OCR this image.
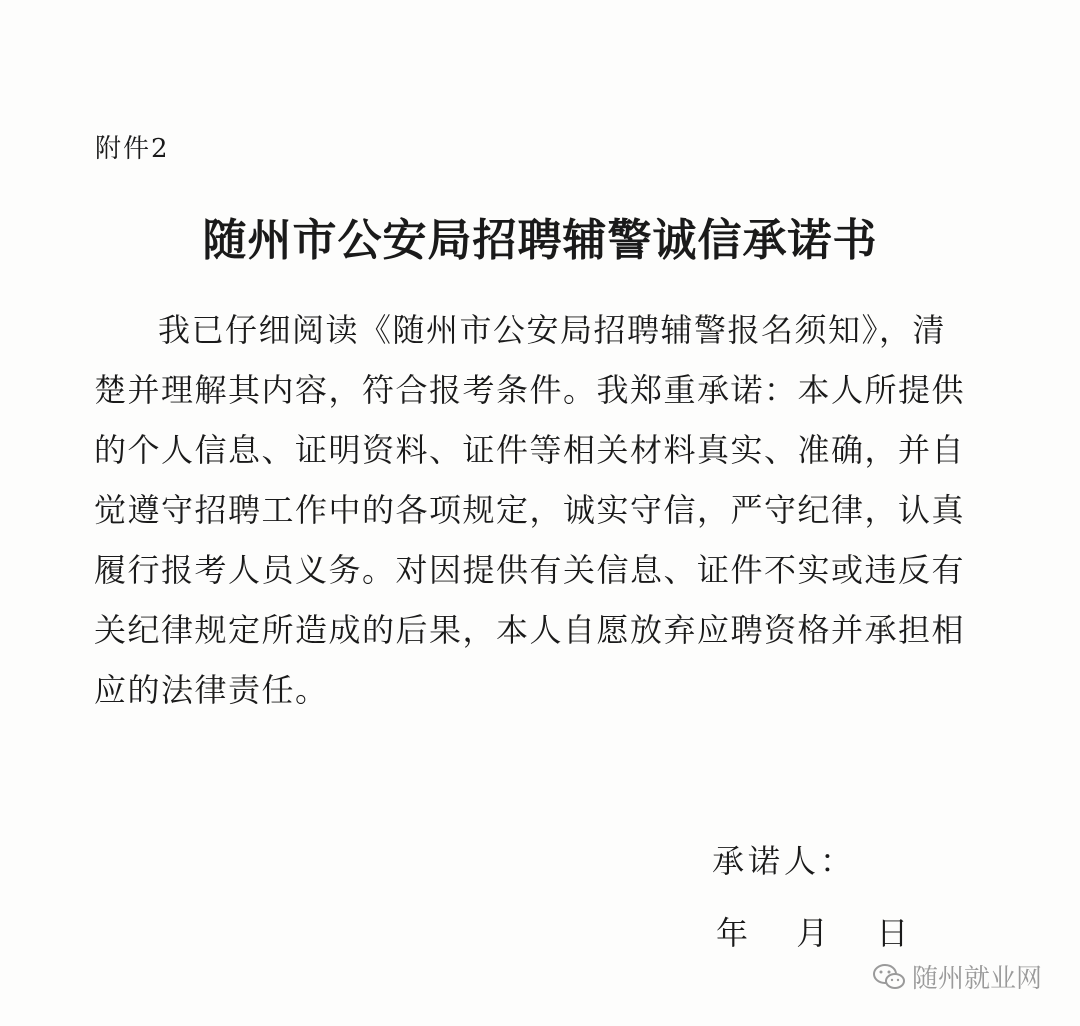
附件2
随州市公安局招聘辅警诚信承诺书
我已仔细阅读《随州市公安局招聘辅警报名须知》，清
楚并理解其内容，符合报考条件。我郑重承诺：本人所提供
的个人信息、证明资料、证件等相关材料真实、准确，并自
觉遵守招聘工作中的各项规定，诚实守信，严守纪律，认真
履行报考人员义务。对因提供有关信息、证件不实或违反有
关纪律规定所造成的后果，本人自愿放弃应聘资格并承担相
应的法律责任。
承诺人：
年 月 日
随州就业网
